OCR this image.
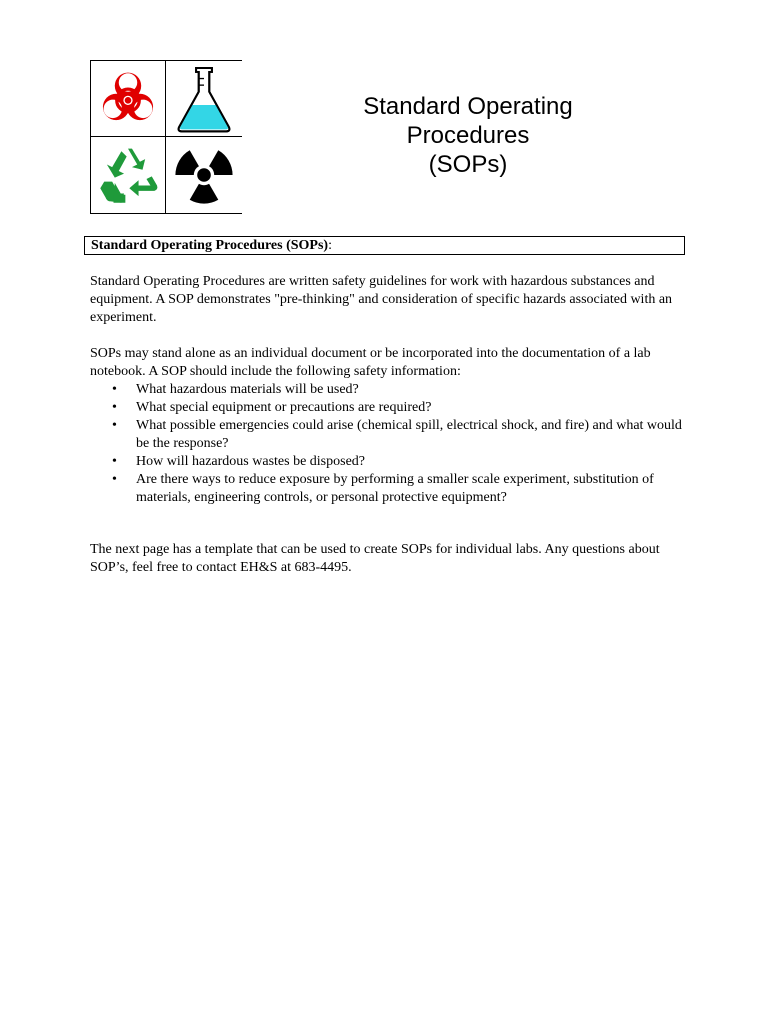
Standard Operating
Procedures
(SOPs)
Standard Operating Procedures (SOPs):

Standard Operating Procedures are written safety guidelines for work with hazardous substances and equipment. A SOP demonstrates "pre-thinking" and consideration of specific hazards associated with an experiment.

SOPs may stand alone as an individual document or be incorporated into the documentation of a lab notebook. A SOP should include the following safety information:

• What hazardous materials will be used?
• What special equipment or precautions are required?
• What possible emergencies could arise (chemical spill, electrical shock, and fire) and what would be the response?
• How will hazardous wastes be disposed?
• Are there ways to reduce exposure by performing a smaller scale experiment, substitution of materials, engineering controls, or personal protective equipment?

The next page has a template that can be used to create SOPs for individual labs. Any questions about SOP’s, feel free to contact EH&S at 683-4495.
